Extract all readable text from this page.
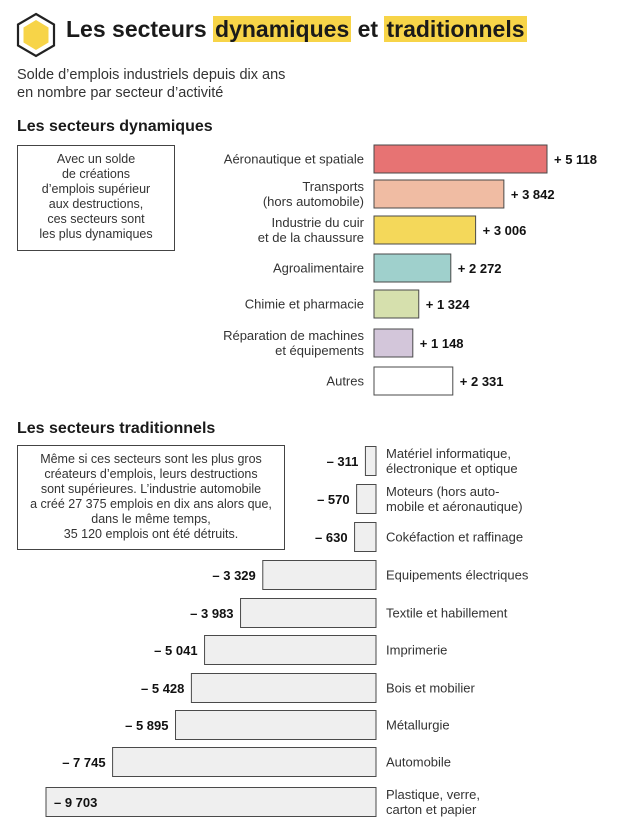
Les secteurs dynamiques et traditionnels
Solde d’emplois industriels depuis dix ans
en nombre par secteur d’activité
Les secteurs dynamiques
Les secteurs traditionnels
Avec un solde
de créations
d’emplois supérieur
aux destructions,
ces secteurs sont
les plus dynamiques
Même si ces secteurs sont les plus gros
créateurs d’emplois, leurs destructions
sont supérieures. L’industrie automobile
a créé 27 375 emplois en dix ans alors que,
dans le même temps,
35 120 emplois ont été détruits.
Aéronautique et spatiale	+ 5 118
Transports (hors automobile)	+ 3 842
Industrie du cuir et de la chaussure	+ 3 006
Agroalimentaire	+ 2 272
Chimie et pharmacie	+ 1 324
Réparation de machines et équipements	+ 1 148
Autres	+ 2 331
Matériel informatique, électronique et optique
– 311
Moteurs (hors auto-mobile et aéronautique)
– 570
Cokéfaction et raffinage
– 630
Equipements électriques
– 3 329
Textile et habillement
– 3 983
Imprimerie
– 5 041
Bois et mobilier
– 5 428
Métallurgie
– 5 895
Automobile
– 7 745
Plastique, verre, carton et papier
– 9 703
